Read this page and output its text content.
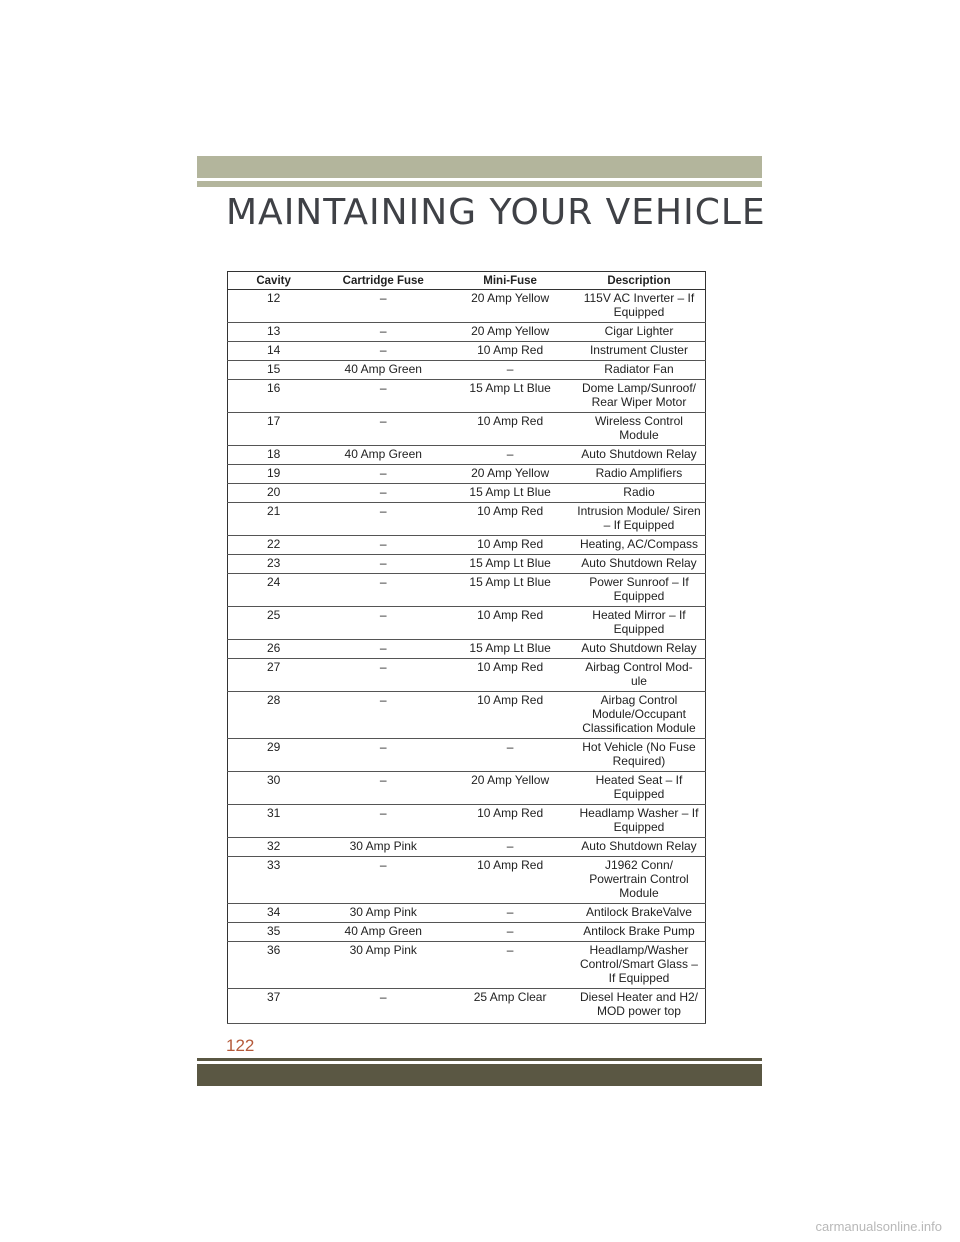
MAINTAINING YOUR VEHICLE
Cavity	Cartridge Fuse	Mini-Fuse	Description
12	–	20 Amp Yellow	115V AC Inverter – If Equipped
13	–	20 Amp Yellow	Cigar Lighter
14	–	10 Amp Red	Instrument Cluster
15	40 Amp Green	–	Radiator Fan
16	–	15 Amp Lt Blue	Dome Lamp/Sunroof/ Rear Wiper Motor
17	–	10 Amp Red	Wireless Control Module
18	40 Amp Green	–	Auto Shutdown Relay
19	–	20 Amp Yellow	Radio Amplifiers
20	–	15 Amp Lt Blue	Radio
21	–	10 Amp Red	Intrusion Module/ Siren – If Equipped
22	–	10 Amp Red	Heating, AC/Compass
23	–	15 Amp Lt Blue	Auto Shutdown Relay
24	–	15 Amp Lt Blue	Power Sunroof – If Equipped
25	–	10 Amp Red	Heated Mirror – If Equipped
26	–	15 Amp Lt Blue	Auto Shutdown Relay
27	–	10 Amp Red	Airbag Control Mod- ule
28	–	10 Amp Red	Airbag Control Module/Occupant Classification Module
29	–	–	Hot Vehicle (No Fuse Required)
30	–	20 Amp Yellow	Heated Seat – If Equipped
31	–	10 Amp Red	Headlamp Washer – If Equipped
32	30 Amp Pink	–	Auto Shutdown Relay
33	–	10 Amp Red	J1962 Conn/ Powertrain Control Module
34	30 Amp Pink	–	Antilock BrakeValve
35	40 Amp Green	–	Antilock Brake Pump
36	30 Amp Pink	–	Headlamp/Washer Control/Smart Glass – If Equipped
37	–	25 Amp Clear	Diesel Heater and H2/ MOD power top
122
carmanualsonline.info
